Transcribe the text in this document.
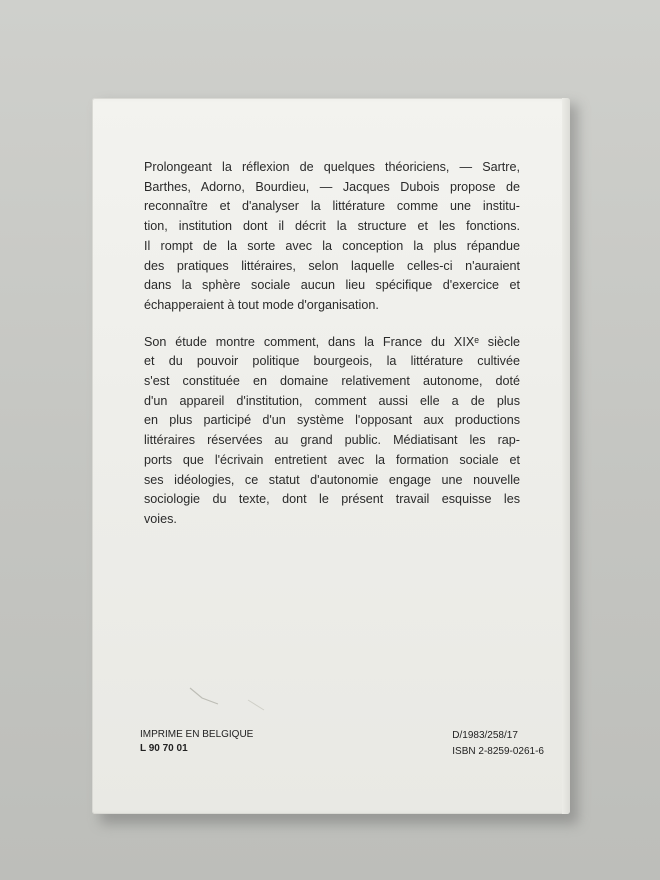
Prolongeant la réflexion de quelques théoriciens, — Sartre,
Barthes, Adorno, Bourdieu, — Jacques Dubois propose de
reconnaître et d'analyser la littérature comme une institu-
tion, institution dont il décrit la structure et les fonctions.
Il rompt de la sorte avec la conception la plus répandue
des pratiques littéraires, selon laquelle celles-ci n'auraient
dans la sphère sociale aucun lieu spécifique d'exercice et
échapperaient à tout mode d'organisation.
Son étude montre comment, dans la France du XIXᵉ siècle
et du pouvoir politique bourgeois, la littérature cultivée
s'est constituée en domaine relativement autonome, doté
d'un appareil d'institution, comment aussi elle a de plus
en plus participé d'un système l'opposant aux productions
littéraires réservées au grand public. Médiatisant les rap-
ports que l'écrivain entretient avec la formation sociale et
ses idéologies, ce statut d'autonomie engage une nouvelle
sociologie du texte, dont le présent travail esquisse les
voies.
IMPRIME EN BELGIQUE
L 90 70 01
D/1983/258/17
ISBN 2-8259-0261-6
